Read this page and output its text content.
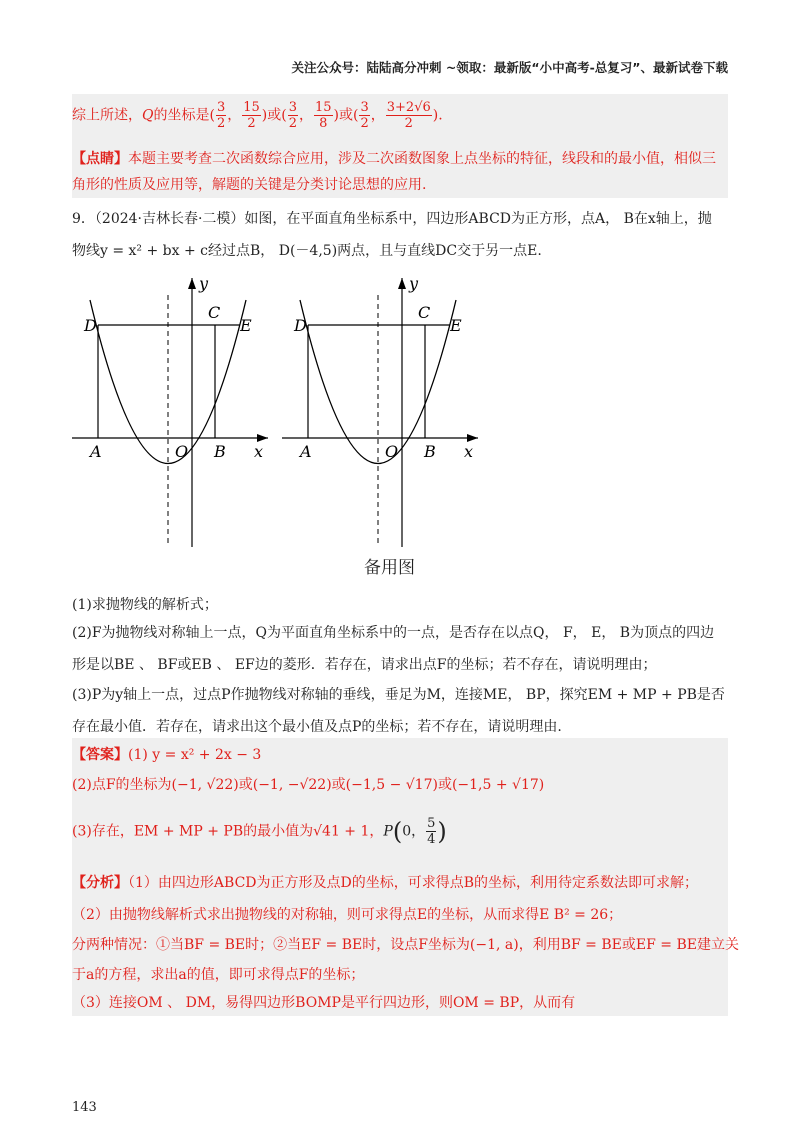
关注公众号：陆陆高分冲刺 ~领取：最新版“小中高考-总复习”、最新试卷下载
综上所述，Q的坐标是( $\frac{3}{2}$ ， $\frac{15}{2}$ )或( $\frac{3}{2}$ ， $\frac{15}{8}$ )或( $\frac{3}{2}$ ， $\frac{3+2√6}{2}$ ).
【点睛】本题主要考查二次函数综合应用，涉及二次函数图象上点坐标的特征，线段和的最小值，相似三
角形的性质及应用等，解题的关键是分类讨论思想的应用.
9．（2024·吉林长春·二模）如图，在平面直角坐标系中，四边形ABCD为正方形，点A， B在x轴上，抛
物线y = x² + bx + c经过点B， D(－4,5)两点，且与直线DC交于另一点E.
D
C
E
A	O B x
y
D
C
E
A	O B x
y
备用图
(1)求抛物线的解析式；
(2)F为抛物线对称轴上一点，Q为平面直角坐标系中的一点，是否存在以点Q， F， E， B为顶点的四边
形是以BE 、 BF或EB 、 EF边的菱形．若存在，请求出点F的坐标；若不存在，请说明理由；
(3)P为y轴上一点，过点P作抛物线对称轴的垂线，垂足为M，连接ME， BP，探究EM + MP + PB是否
存在最小值．若存在，请求出这个最小值及点P的坐标；若不存在，请说明理由.
【答案】(1) y = x² + 2x − 3
(2)点F的坐标为(−1, √22)或(−1, −√22)或(−1,5 − √17)或(−1,5 + √17)
(3)存在，EM + MP + PB的最小值为√41 + 1，P(0， $\frac{5}{4}$ )
【分析】（1）由四边形ABCD为正方形及点D的坐标，可求得点B的坐标，利用待定系数法即可求解；
（2）由抛物线解析式求出抛物线的对称轴，则可求得点E的坐标，从而求得E B² = 26；
分两种情况：①当BF = BE时；②当EF = BE时，设点F坐标为(−1, a)，利用BF = BE或EF = BE建立关
于a的方程，求出a的值，即可求得点F的坐标；
（3）连接OM 、 DM，易得四边形BOMP是平行四边形，则OM = BP，从而有
143
